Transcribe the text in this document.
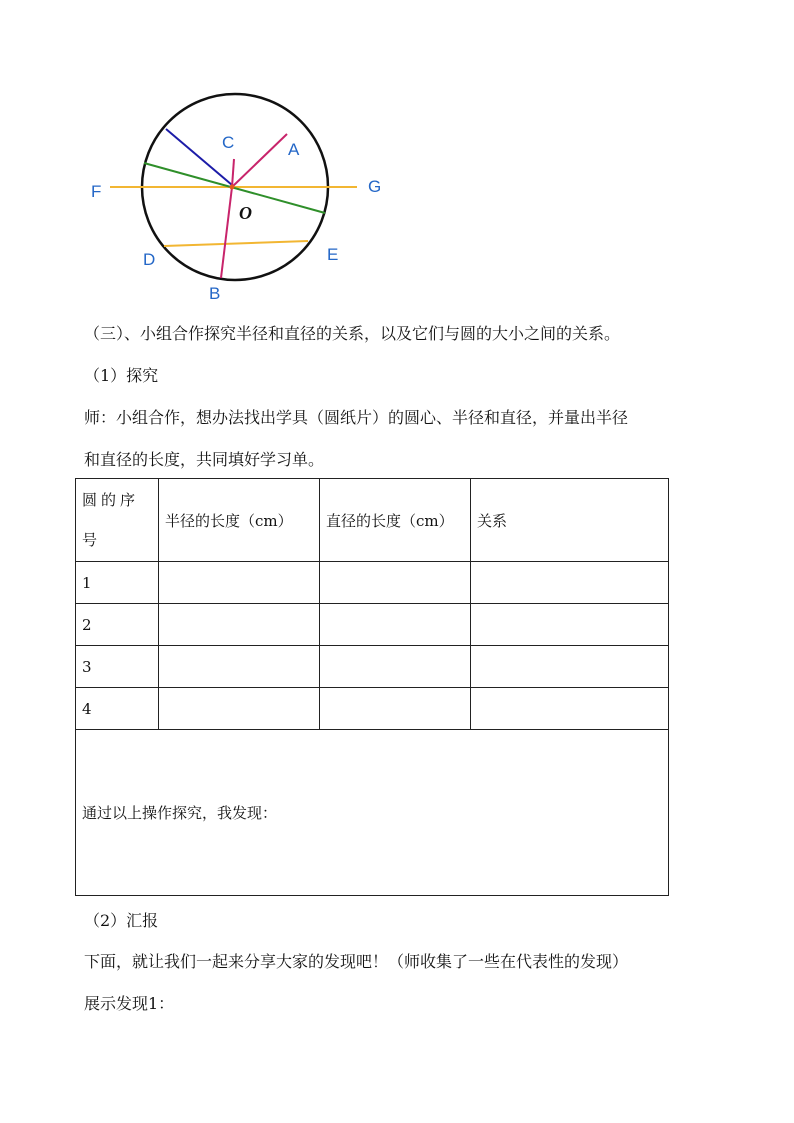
C	A
F	G
O
D	E
B
（三）、小组合作探究半径和直径的关系，以及它们与圆的大小之间的关系。
（1）探究
师：小组合作，想办法找出学具（圆纸片）的圆心、半径和直径，并量出半径
和直径的长度，共同填好学习单。
圆的序号	半径的长度（cm）	直径的长度（cm）	关系
1			
2			
3			
4			
通过以上操作探究，我发现：			
（2）汇报
下面，就让我们一起来分享大家的发现吧！（师收集了一些在代表性的发现）
展示发现1：
